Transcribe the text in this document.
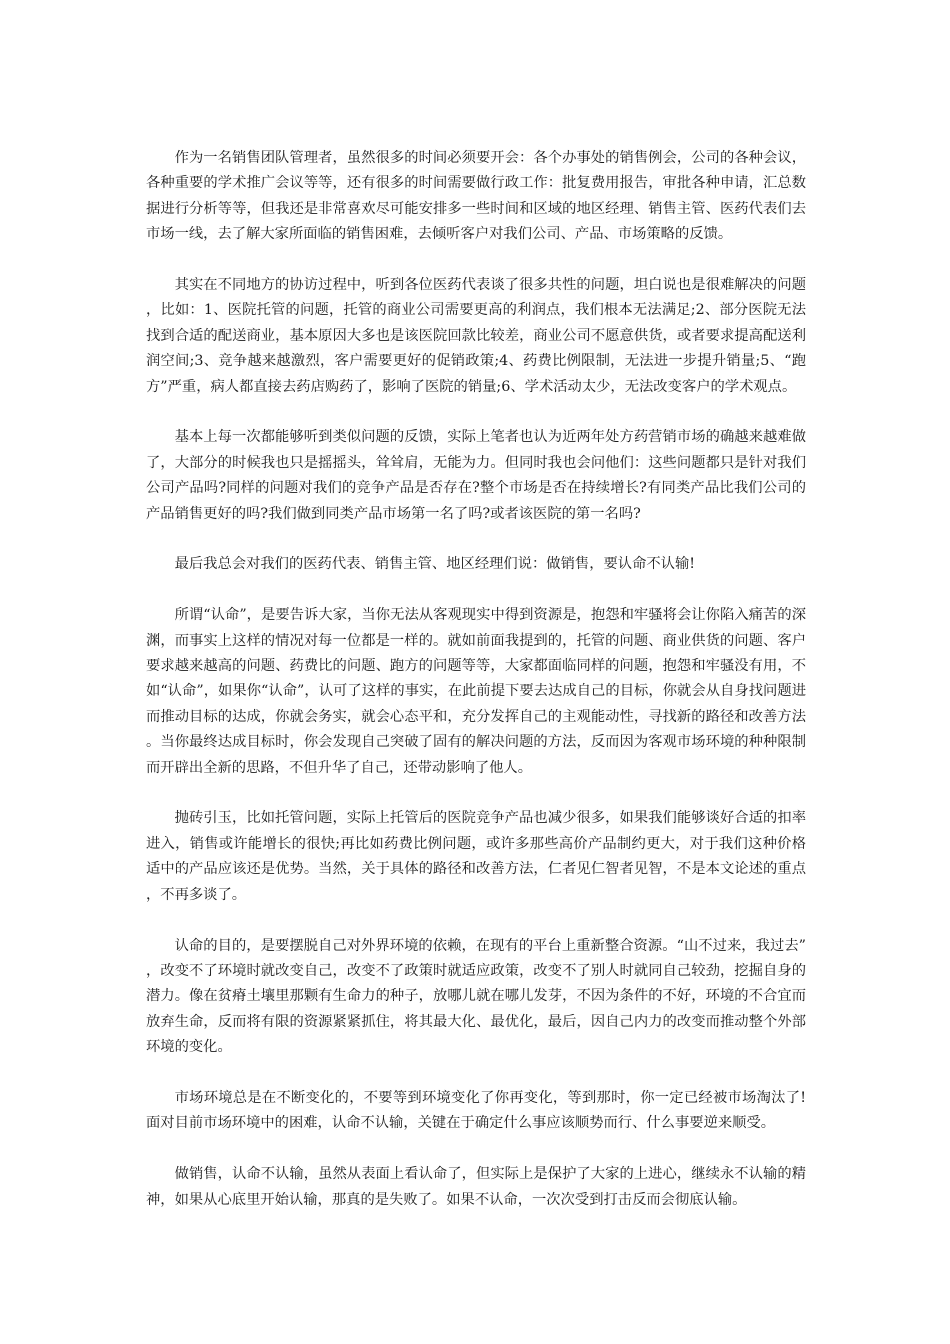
作为一名销售团队管理者，虽然很多的时间必须要开会：各个办事处的销售例会，公司的各种会议，各种重要的学术推广会议等等，还有很多的时间需要做行政工作：批复费用报告，审批各种申请，汇总数据进行分析等等，但我还是非常喜欢尽可能安排多一些时间和区域的地区经理、销售主管、医药代表们去市场一线，去了解大家所面临的销售困难，去倾听客户对我们公司、产品、市场策略的反馈。

其实在不同地方的协访过程中，听到各位医药代表谈了很多共性的问题，坦白说也是很难解决的问题，比如：1、医院托管的问题，托管的商业公司需要更高的利润点，我们根本无法满足;2、部分医院无法找到合适的配送商业，基本原因大多也是该医院回款比较差，商业公司不愿意供货，或者要求提高配送利润空间;3、竞争越来越激烈，客户需要更好的促销政策;4、药费比例限制，无法进一步提升销量;5、“跑方”严重，病人都直接去药店购药了，影响了医院的销量;6、学术活动太少，无法改变客户的学术观点。

基本上每一次都能够听到类似问题的反馈，实际上笔者也认为近两年处方药营销市场的确越来越难做了，大部分的时候我也只是摇摇头，耸耸肩，无能为力。但同时我也会问他们：这些问题都只是针对我们公司产品吗?同样的问题对我们的竞争产品是否存在?整个市场是否在持续增长?有同类产品比我们公司的产品销售更好的吗?我们做到同类产品市场第一名了吗?或者该医院的第一名吗?

最后我总会对我们的医药代表、销售主管、地区经理们说：做销售，要认命不认输!

所谓“认命”，是要告诉大家，当你无法从客观现实中得到资源是，抱怨和牢骚将会让你陷入痛苦的深渊，而事实上这样的情况对每一位都是一样的。就如前面我提到的，托管的问题、商业供货的问题、客户要求越来越高的问题、药费比的问题、跑方的问题等等，大家都面临同样的问题，抱怨和牢骚没有用，不如“认命”，如果你“认命”，认可了这样的事实，在此前提下要去达成自己的目标，你就会从自身找问题进而推动目标的达成，你就会务实，就会心态平和，充分发挥自己的主观能动性，寻找新的路径和改善方法。当你最终达成目标时，你会发现自己突破了固有的解决问题的方法，反而因为客观市场环境的种种限制而开辟出全新的思路，不但升华了自己，还带动影响了他人。

抛砖引玉，比如托管问题，实际上托管后的医院竞争产品也减少很多，如果我们能够谈好合适的扣率进入，销售或许能增长的很快;再比如药费比例问题，或许多那些高价产品制约更大，对于我们这种价格适中的产品应该还是优势。当然，关于具体的路径和改善方法，仁者见仁智者见智，不是本文论述的重点，不再多谈了。

认命的目的，是要摆脱自己对外界环境的依赖，在现有的平台上重新整合资源。“山不过来，我过去”，改变不了环境时就改变自己，改变不了政策时就适应政策，改变不了别人时就同自己较劲，挖掘自身的潜力。像在贫瘠土壤里那颗有生命力的种子，放哪儿就在哪儿发芽，不因为条件的不好，环境的不合宜而放弃生命，反而将有限的资源紧紧抓住，将其最大化、最优化，最后，因自己内力的改变而推动整个外部环境的变化。

市场环境总是在不断变化的，不要等到环境变化了你再变化，等到那时，你一定已经被市场淘汰了!面对目前市场环境中的困难，认命不认输，关键在于确定什么事应该顺势而行、什么事要逆来顺受。

做销售，认命不认输，虽然从表面上看认命了，但实际上是保护了大家的上进心，继续永不认输的精神，如果从心底里开始认输，那真的是失败了。如果不认命，一次次受到打击反而会彻底认输。
